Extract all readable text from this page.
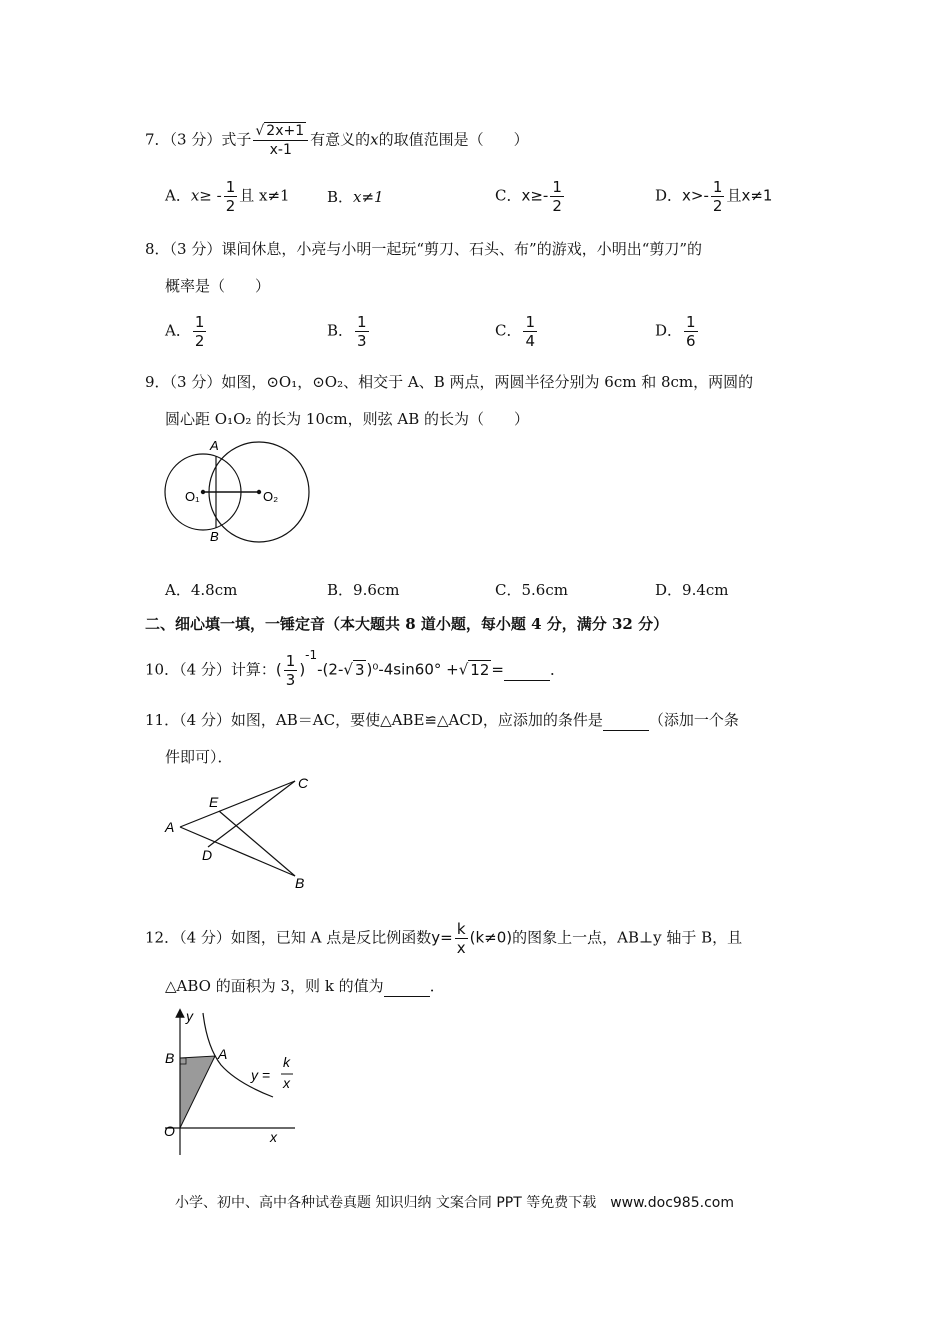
7．（3 分）式子 $\frac{√ 2x+1}{x-1}$ 有意义的x的取值范围是（　　）
A．$x\ge - \frac{1}{2}$ 且 x≠1 B．x≠1	C．$x\ge- \frac{1}{2}$	D．$x>- \frac{1}{2}$ 且x≠1
8．（3 分）课间休息，小亮与小明一起玩“剪刀、石头、布”的游戏，小明出“剪刀”的
概率是（　　）
A． $\frac{1}{2}$	B． $\frac{1}{3}$	C． $\frac{1}{4}$	D． $\frac{1}{6}$
9．（3 分）如图，⊙O₁，⊙O₂、相交于 A、B 两点，两圆半径分别为 6cm 和 8cm，两圆的
圆心距 O₁O₂ 的长为 10cm，则弦 AB 的长为（　　）
A
B
O₁	O₂
A．4.8cm	B．9.6cm	C．5.6cm	D．9.4cm
二、细心填一填，一锤定音（本大题共 8 道小题，每小题 4 分，满分 32 分）
10．（4 分）计算：( $\frac{1}{3} )^{-1}-(2-√$ 3 )⁰-4sin60° +√ 12 =	．
11．（4 分）如图，AB＝AC，要使△ABE≌△ACD，应添加的条件是	（添加一个条
件即可）．
A
E
C
D
B
12．（4 分）如图，已知 A 点是反比例函数$y= \frac{k}{x} (k\ne 0)$的图象上一点，AB⊥y 轴于 B，且
△ABO 的面积为 3，则 k 的值为	．
y
B	A
O	x
y =
k
x
小学、初中、高中各种试卷真题 知识归纳 文案合同 PPT 等免费下载　www.doc985.com
